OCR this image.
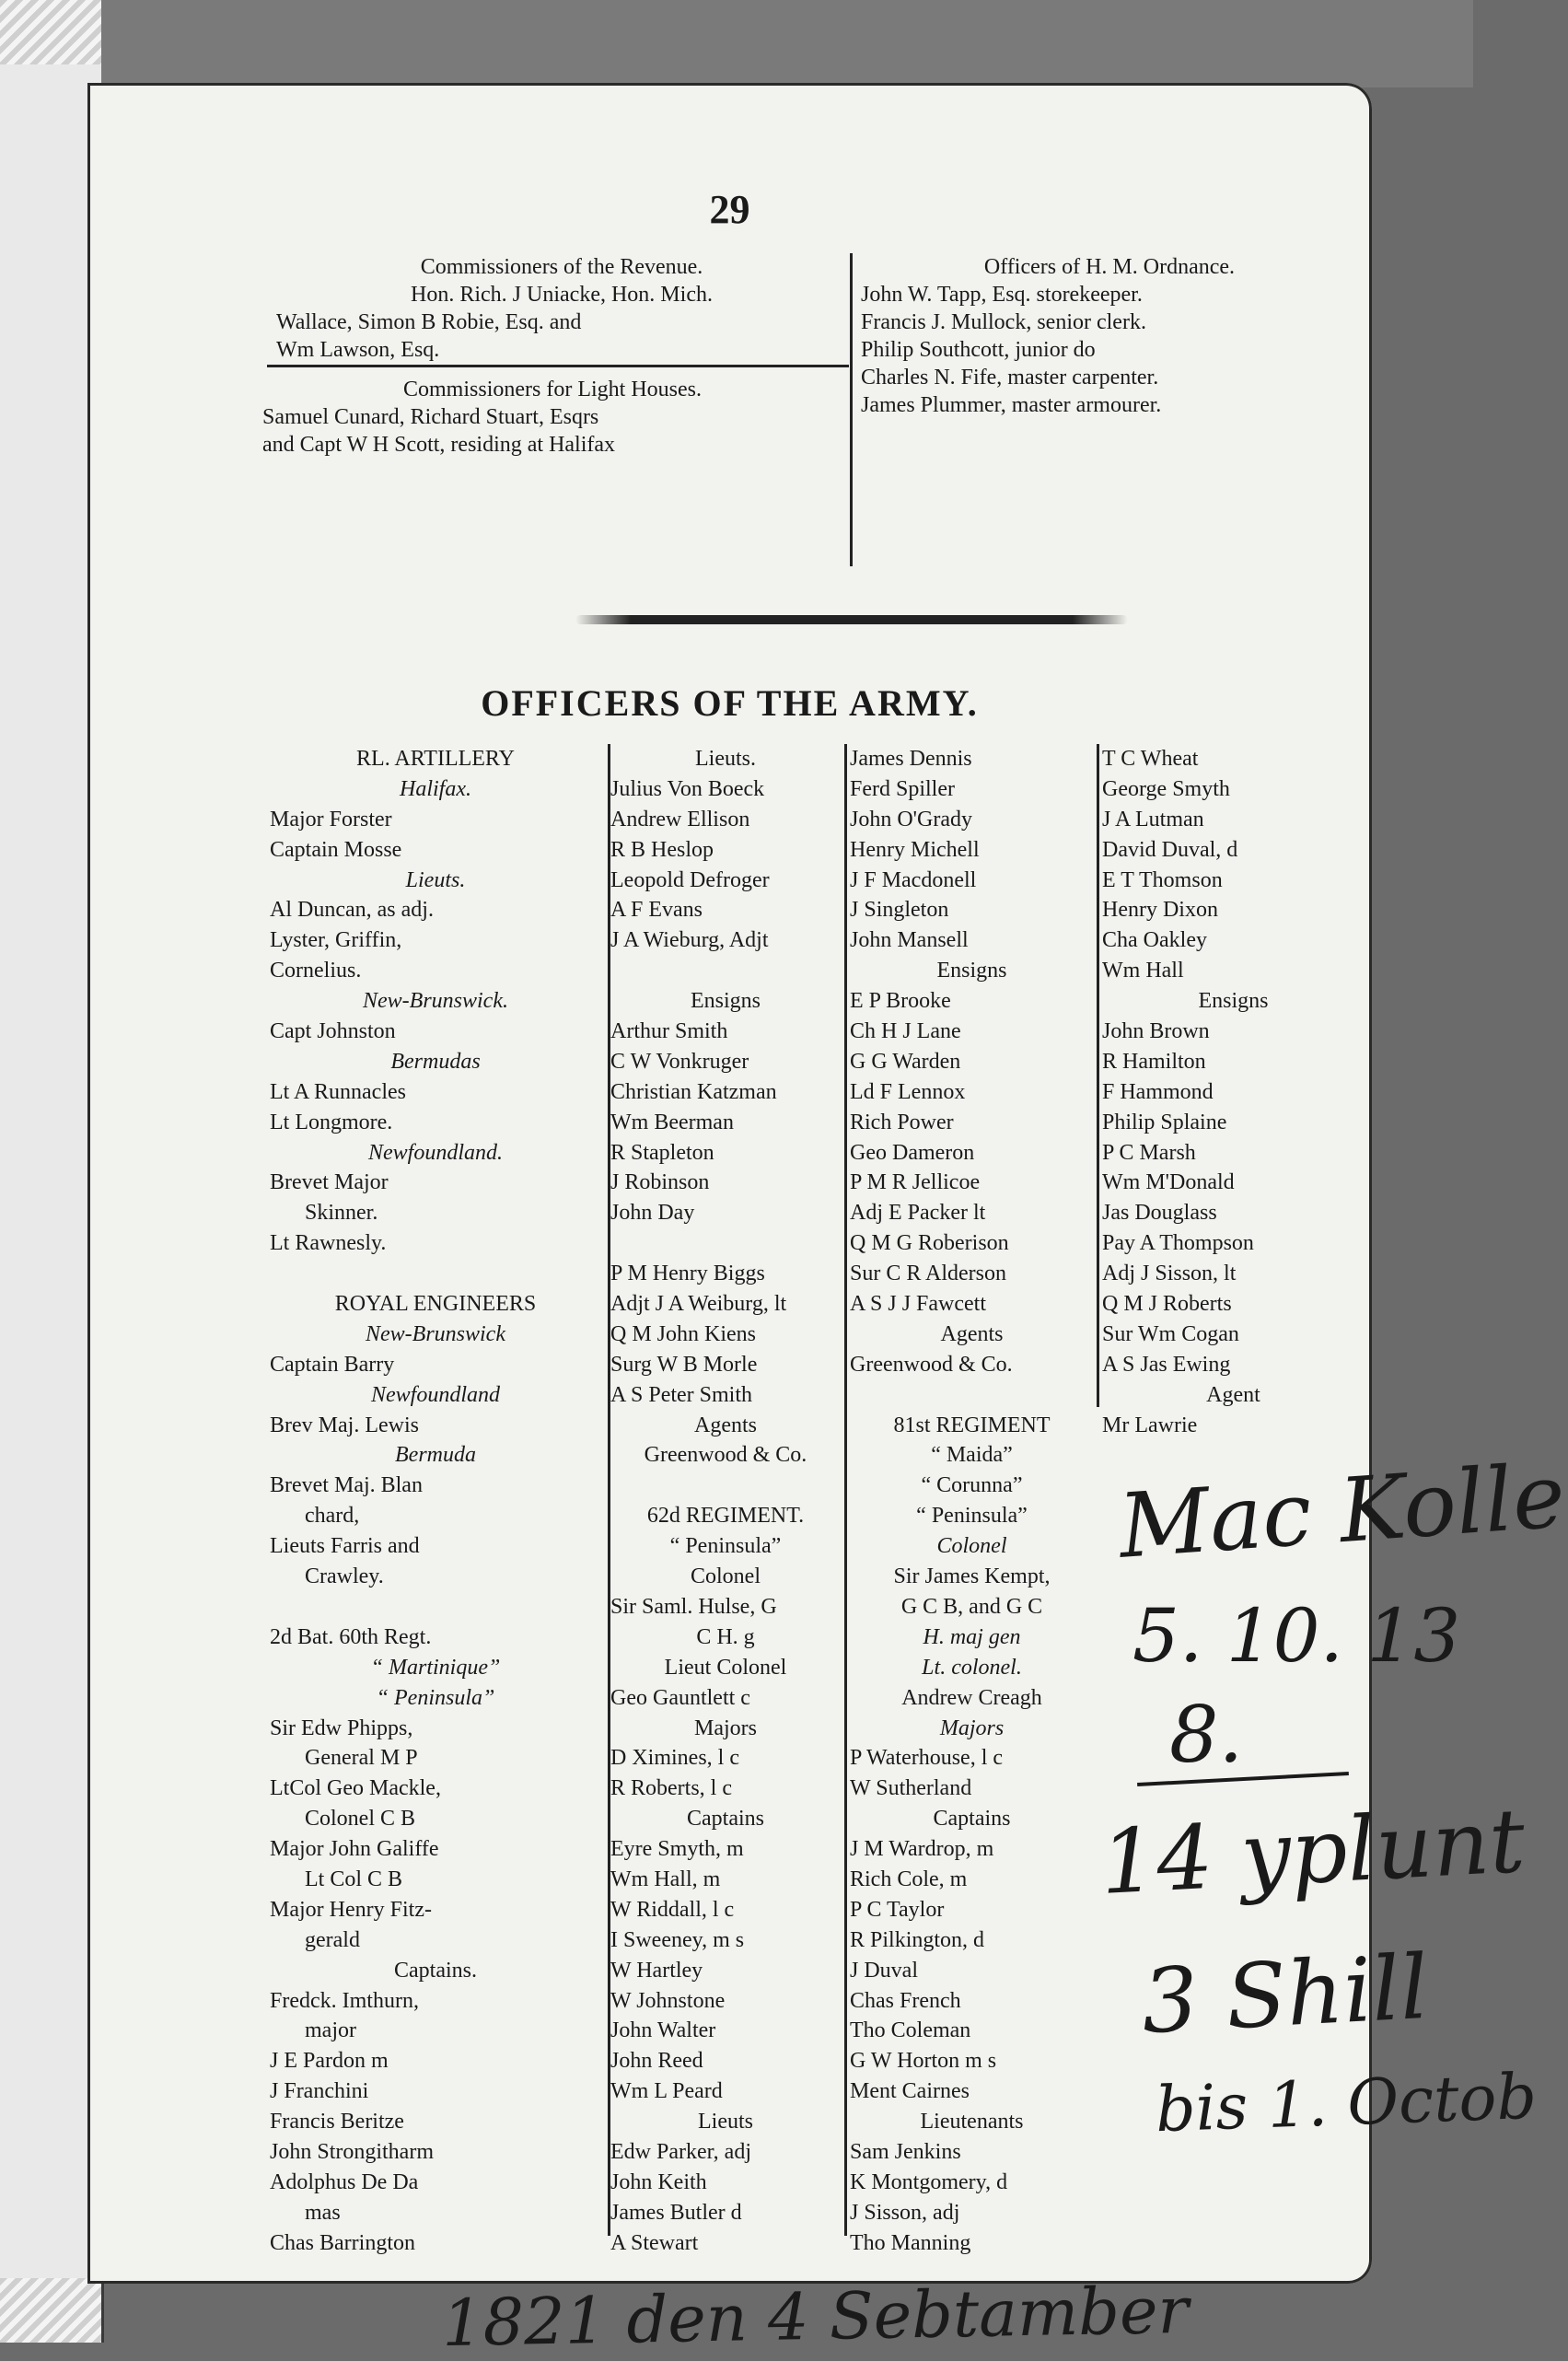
29
Commissioners of the Revenue.
Hon. Rich. J Uniacke, Hon. Mich.
Wallace, Simon B Robie, Esq. and
Wm Lawson, Esq.
Commissioners for Light Houses.
Samuel Cunard, Richard Stuart, Esqrs
and Capt W H Scott, residing at Halifax
Officers of H. M. Ordnance.
John W. Tapp, Esq. storekeeper.
Francis J. Mullock, senior clerk.
Philip Southcott, junior do
Charles N. Fife, master carpenter.
James Plummer, master armourer.
OFFICERS OF THE ARMY.
RL. ARTILLERY
Halifax.
Major Forster
Captain Mosse
Lieuts.
Al Duncan, as adj.
Lyster, Griffin,
Cornelius.
New-Brunswick.
Capt Johnston
Bermudas
Lt A Runnacles
Lt Longmore.
Newfoundland.
Brevet Major
Skinner.
Lt Rawnesly.
ROYAL ENGINEERS
New-Brunswick
Captain Barry
Newfoundland
Brev Maj. Lewis
Bermuda
Brevet Maj. Blan
chard,
Lieuts Farris and
Crawley.
2d Bat. 60th Regt.
“ Martinique”
“ Peninsula”
Sir Edw Phipps,
General M P
LtCol Geo Mackle,
Colonel C B
Major John Galiffe
Lt Col C B
Major Henry Fitz-
gerald
Captains.
Fredck. Imthurn,
major
J E Pardon m
J Franchini
Francis Beritze
John Strongitharm
Adolphus De Da
mas
Chas Barrington
Lieuts.
Julius Von Boeck
Andrew Ellison
R B Heslop
Leopold Defroger
A F Evans
J A Wieburg, Adjt
Ensigns
Arthur Smith
C W Vonkruger
Christian Katzman
Wm Beerman
R Stapleton
J Robinson
John Day
P M Henry Biggs
Adjt J A Weiburg, lt
Q M John Kiens
Surg W B Morle
A S Peter Smith
Agents
Greenwood & Co.
62d REGIMENT.
“ Peninsula”
Colonel
Sir Saml. Hulse, G
C H. g
Lieut Colonel
Geo Gauntlett c
Majors
D Ximines, l c
R Roberts, l c
Captains
Eyre Smyth, m
Wm Hall, m
W Riddall, l c
I Sweeney, m s
W Hartley
W Johnstone
John Walter
John Reed
Wm L Peard
Lieuts
Edw Parker, adj
John Keith
James Butler d
A Stewart
James Dennis
Ferd Spiller
John O'Grady
Henry Michell
J F Macdonell
J Singleton
John Mansell
Ensigns
E P Brooke
Ch H J Lane
G G Warden
Ld F Lennox
Rich Power
Geo Dameron
P M R Jellicoe
Adj E Packer lt
Q M G Roberison
Sur C R Alderson
A S J J Fawcett
Agents
Greenwood & Co.
81st REGIMENT
“ Maida”
“ Corunna”
“ Peninsula”
Colonel
Sir James Kempt,
G C B, and G C
H. maj gen
Lt. colonel.
Andrew Creagh
Majors
P Waterhouse, l c
W Sutherland
Captains
J M Wardrop, m
Rich Cole, m
P C Taylor
R Pilkington, d
J Duval
Chas French
Tho Coleman
G W Horton m s
Ment Cairnes
Lieutenants
Sam Jenkins
K Montgomery, d
J Sisson, adj
Tho Manning
T C Wheat
George Smyth
J A Lutman
David Duval, d
E T Thomson
Henry Dixon
Cha Oakley
Wm Hall
Ensigns
John Brown
R Hamilton
F Hammond
Philip Splaine
P C Marsh
Wm M'Donald
Jas Douglass
Pay A Thompson
Adj J Sisson, lt
Q M J Roberts
Sur Wm Cogan
A S Jas Ewing
Agent
Mr Lawrie
Mac Kolle
5. 10. 13
8.
14 yplunt
3 Shill
bis 1. Octob
1821 den 4 Sebtamber
